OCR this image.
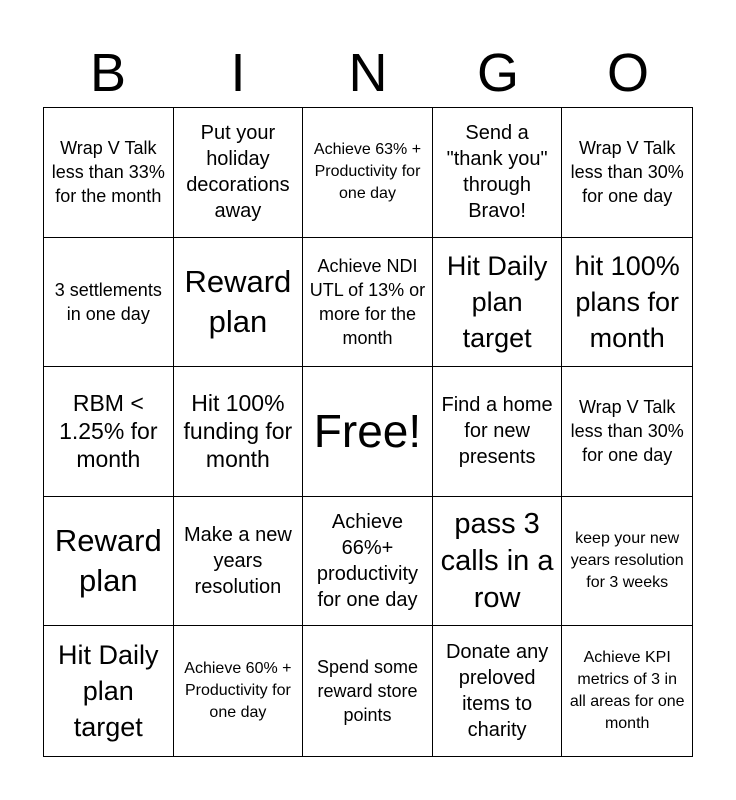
B	I	N	G	O
Wrap V Talk less than 33% for the month
Put your holiday decorations away
Achieve 63% + Productivity for one day
Send a "thank you" through Bravo!
Wrap V Talk less than 30% for one day
3 settlements in one day
Reward plan
Achieve NDI UTL of 13% or more for the month
Hit Daily plan target
hit 100% plans for month
RBM < 1.25% for month
Hit 100% funding for month
Free! Find a home for new presents
Wrap V Talk less than 30% for one day
Reward plan
Make a new years resolution
Achieve 66%+ productivity for one day
pass 3 calls in a row
keep your new years resolution for 3 weeks
Hit Daily plan target
Achieve 60% + Productivity for one day
Spend some reward store points
Donate any preloved items to charity
Achieve KPI metrics of 3 in all areas for one month
